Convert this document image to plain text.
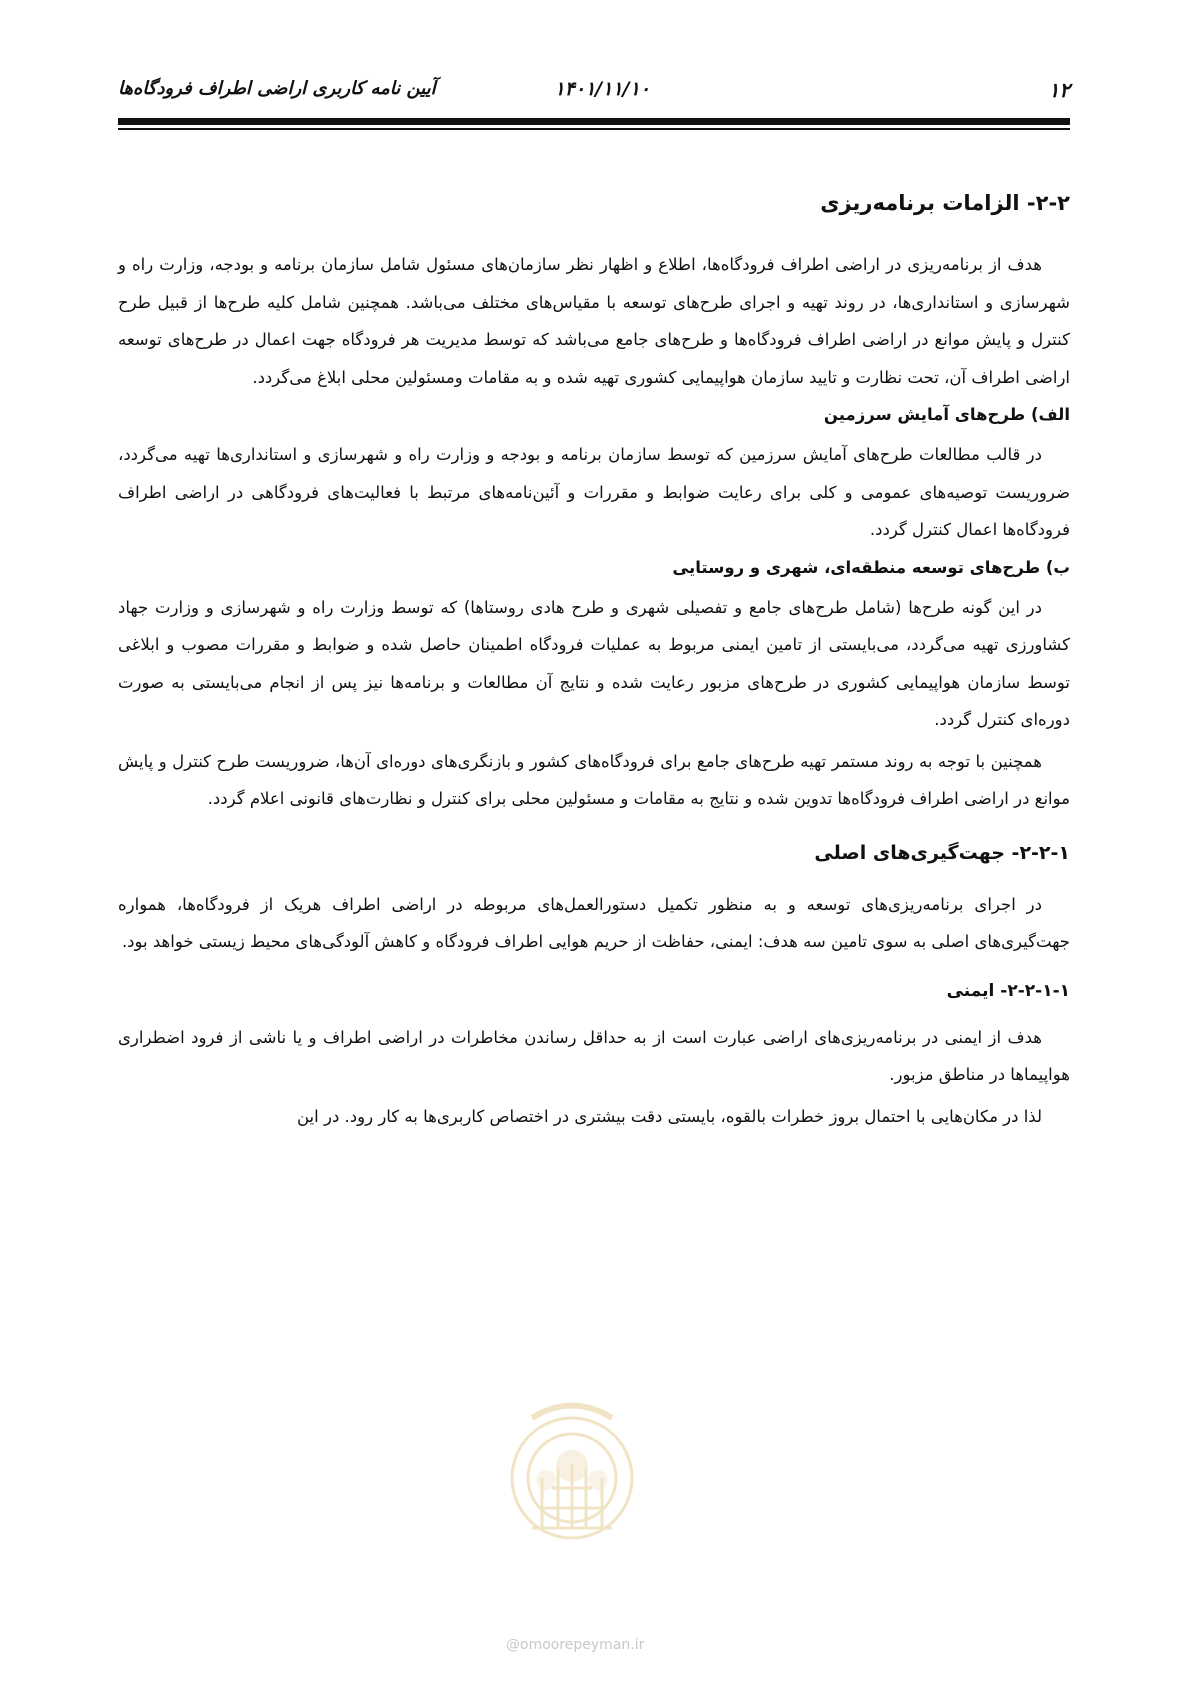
۱۲
۱۴۰۱/۱۱/۱۰
آیین نامه کاربری اراضی اطراف فرودگاه‌ها
۲-۲- الزامات برنامه‌ریزی

هدف از برنامه‌ریزی در اراضی اطراف فرودگاه‌ها، اطلاع و اظهار نظر سازمان‌های مسئول شامل سازمان برنامه و بودجه، وزارت راه و شهرسازی و استانداری‌ها، در روند تهیه و اجرای طرح‌های توسعه با مقیاس‌های مختلف می‌باشد. همچنین شامل کلیه طرح‌ها از قبیل طرح کنترل و پایش موانع در اراضی اطراف فرودگاه‌ها و طرح‌های جامع می‌باشد که توسط مدیریت هر فرودگاه جهت اعمال در طرح‌های توسعه اراضی اطراف آن، تحت نظارت و تایید سازمان هواپیمایی کشوری تهیه شده و به مقامات ومسئولین محلی ابلاغ می‌گردد.

الف) طرح‌های آمایش سرزمین

در قالب مطالعات طرح‌های آمایش سرزمین که توسط سازمان برنامه و بودجه و وزارت راه و شهرسازی و استانداری‌ها تهیه می‌گردد، ضروریست توصیه‌های عمومی و کلی برای رعایت ضوابط و مقررات و آئین‌نامه‌های مرتبط با فعالیت‌های فرودگاهی در اراضی اطراف فرودگاه‌ها اعمال کنترل گردد.

ب) طرح‌های توسعه منطقه‌ای، شهری و روستایی

در این گونه طرح‌ها (شامل طرح‌های جامع و تفصیلی شهری و طرح هادی روستاها) که توسط وزارت راه و شهرسازی و وزارت جهاد کشاورزی تهیه می‌گردد، می‌بایستی از تامین ایمنی مربوط به عملیات فرودگاه اطمینان حاصل شده و ضوابط و مقررات مصوب و ابلاغی توسط سازمان هواپیمایی کشوری در طرح‌های مزبور رعایت شده و نتایج آن مطالعات و برنامه‌ها نیز پس از انجام می‌بایستی به صورت دوره‌ای کنترل گردد.

همچنین با توجه به روند مستمر تهیه طرح‌های جامع برای فرودگاه‌های کشور و بازنگری‌های دوره‌ای آن‌ها، ضروریست طرح کنترل و پایش موانع در اراضی اطراف فرودگاه‌ها تدوین شده و نتایج به مقامات و مسئولین محلی برای کنترل و نظارت‌های قانونی اعلام گردد.

۲-۲-۱- جهت‌گیری‌های اصلی

در اجرای برنامه‌ریزی‌های توسعه و به منظور تکمیل دستورالعمل‌های مربوطه در اراضی اطراف هریک از فرودگاه‌ها، همواره جهت‌گیری‌های اصلی به سوی تامین سه هدف: ایمنی، حفاظت از حریم هوایی اطراف فرودگاه و کاهش آلودگی‌های محیط زیستی خواهد بود.

۲-۲-۱-۱- ایمنی

هدف از ایمنی در برنامه‌ریزی‌های اراضی عبارت است از به حداقل رساندن مخاطرات در اراضی اطراف و یا ناشی از فرود اضطراری هواپیماها در مناطق مزبور.

لذا در مکان‌هایی با احتمال بروز خطرات بالقوه، بایستی دقت بیشتری در اختصاص کاربری‌ها به کار رود. در این

@omoorepeyman.ir
